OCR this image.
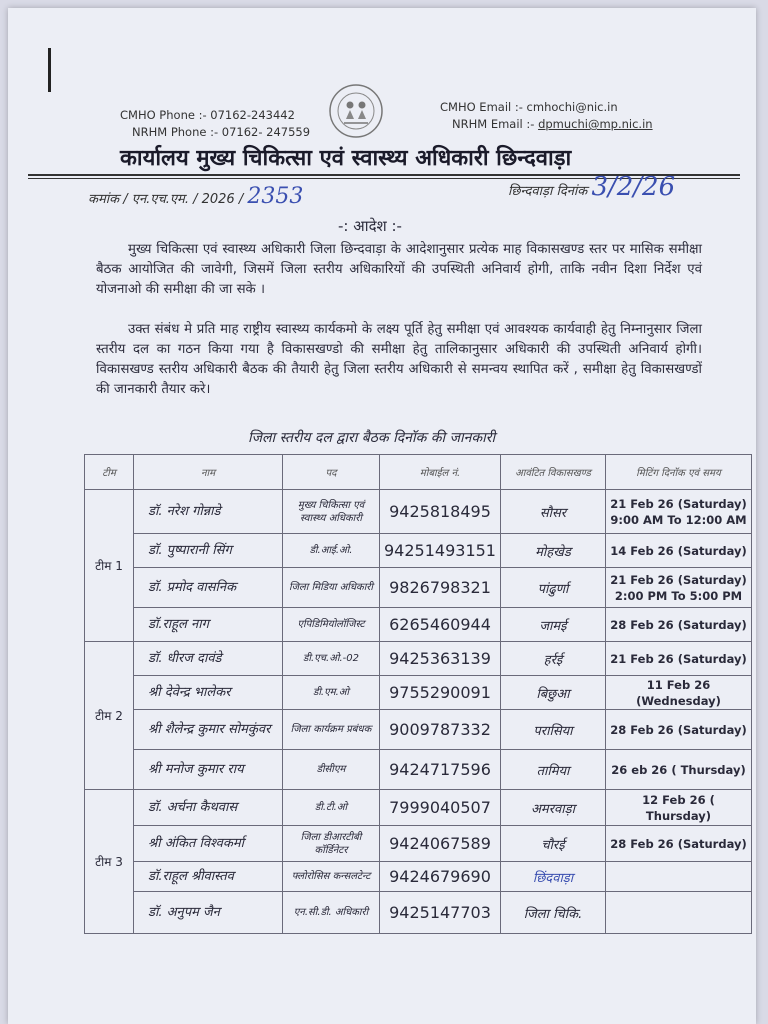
CMHO Phone :- 07162-243442
NRHM Phone :- 07162- 247559
CMHO Email :- cmhochi@nic.in
NRHM Email :- dpmuchi@mp.nic.in
कार्यालय मुख्य चिकित्सा एवं स्वास्थ्य अधिकारी छिन्दवाड़ा
कमांक / एन.एच.एम. / 2026 / 2353	छिन्दवाड़ा दिनांक 3/2/26
-: आदेश :-
मुख्य चिकित्सा एवं स्वास्थ्य अधिकारी जिला छिन्दवाड़ा के आदेशानुसार प्रत्येक माह विकासखण्ड स्तर पर मासिक समीक्षा बैठक आयोजित की जावेगी, जिसमें जिला स्तरीय अधिकारियों की उपस्थिती अनिवार्य होगी, ताकि नवीन दिशा निर्देश एवं योजनाओ की समीक्षा की जा सके ।
उक्त संबंध मे प्रति माह राष्ट्रीय स्वास्थ्य कार्यकमो के लक्ष्य पूर्ति हेतु समीक्षा एवं आवश्यक कार्यवाही हेतु निम्नानुसार जिला स्तरीय दल का गठन किया गया है विकासखण्डो की समीक्षा हेतु तालिकानुसार अधिकारी की उपस्थिती अनिवार्य होगी। विकासखण्ड स्तरीय अधिकारी बैठक की तैयारी हेतु जिला स्तरीय अधिकारी से समन्वय स्थापित करें , समीक्षा हेतु विकासखण्डों की जानकारी तैयार करे।
जिला स्तरीय दल द्वारा बैठक दिनॉक की जानकारी
टीम	नाम	पद	मोबाईल नं.	आवंटित विकासखण्ड	मिटिंग दिनॉक एवं समय
टीम 1	डॉ. नरेश गोन्नाडे	मुख्य चिकित्सा एवं स्वास्थ्य अधिकारी	9425818495	सौसर	21 Feb 26 (Saturday)
9:00 AM To 12:00 AM

	डॉ. पुष्पारानी सिंग	डी.आई.ओ.	94251493151	मोहखेड	14 Feb 26 (Saturday)

	डॉ. प्रमोद वासनिक	जिला मिडिया अधिकारी	9826798321	पांढुर्णा	21 Feb 26 (Saturday)
2:00 PM To 5:00 PM

	डॉ.राहूल नाग	एपिडिमियोलॉजिस्ट	6265460944	जामई	28 Feb 26 (Saturday)

टीम 2	डॉ. धीरज दावंडे	डी.एच.ओ.-02	9425363139	हर्रई	21 Feb 26 (Saturday)

	श्री देवेन्द्र भालेकर	डी.एम.ओ	9755290091	बिछुआ	11 Feb 26 (Wednesday)

	श्री शैलेन्द्र कुमार सोमकुंवर	जिला कार्यक्रम प्रबंधक	9009787332	परासिया	28 Feb 26 (Saturday)

	श्री मनोज कुमार राय	डीसीएम	9424717596	तामिया	26 eb 26 ( Thursday)

टीम 3	डॉ. अर्चना कैथवास	डी.टी.ओ	7999040507	अमरवाड़ा	12 Feb 26 ( Thursday)

	श्री अंकित विश्वकर्मा	जिला डीआरटीबी कॉर्डिनेटर	9424067589	चौरई	28 Feb 26 (Saturday)

	डॉ.राहूल श्रीवास्तव	फ्लोरोसिस कन्सलटेन्ट	9424679690	छिंदवाड़ा	

	डॉ. अनुपम जैन	एन.सी.डी. अधिकारी	9425147703	जिला चिकि.	
